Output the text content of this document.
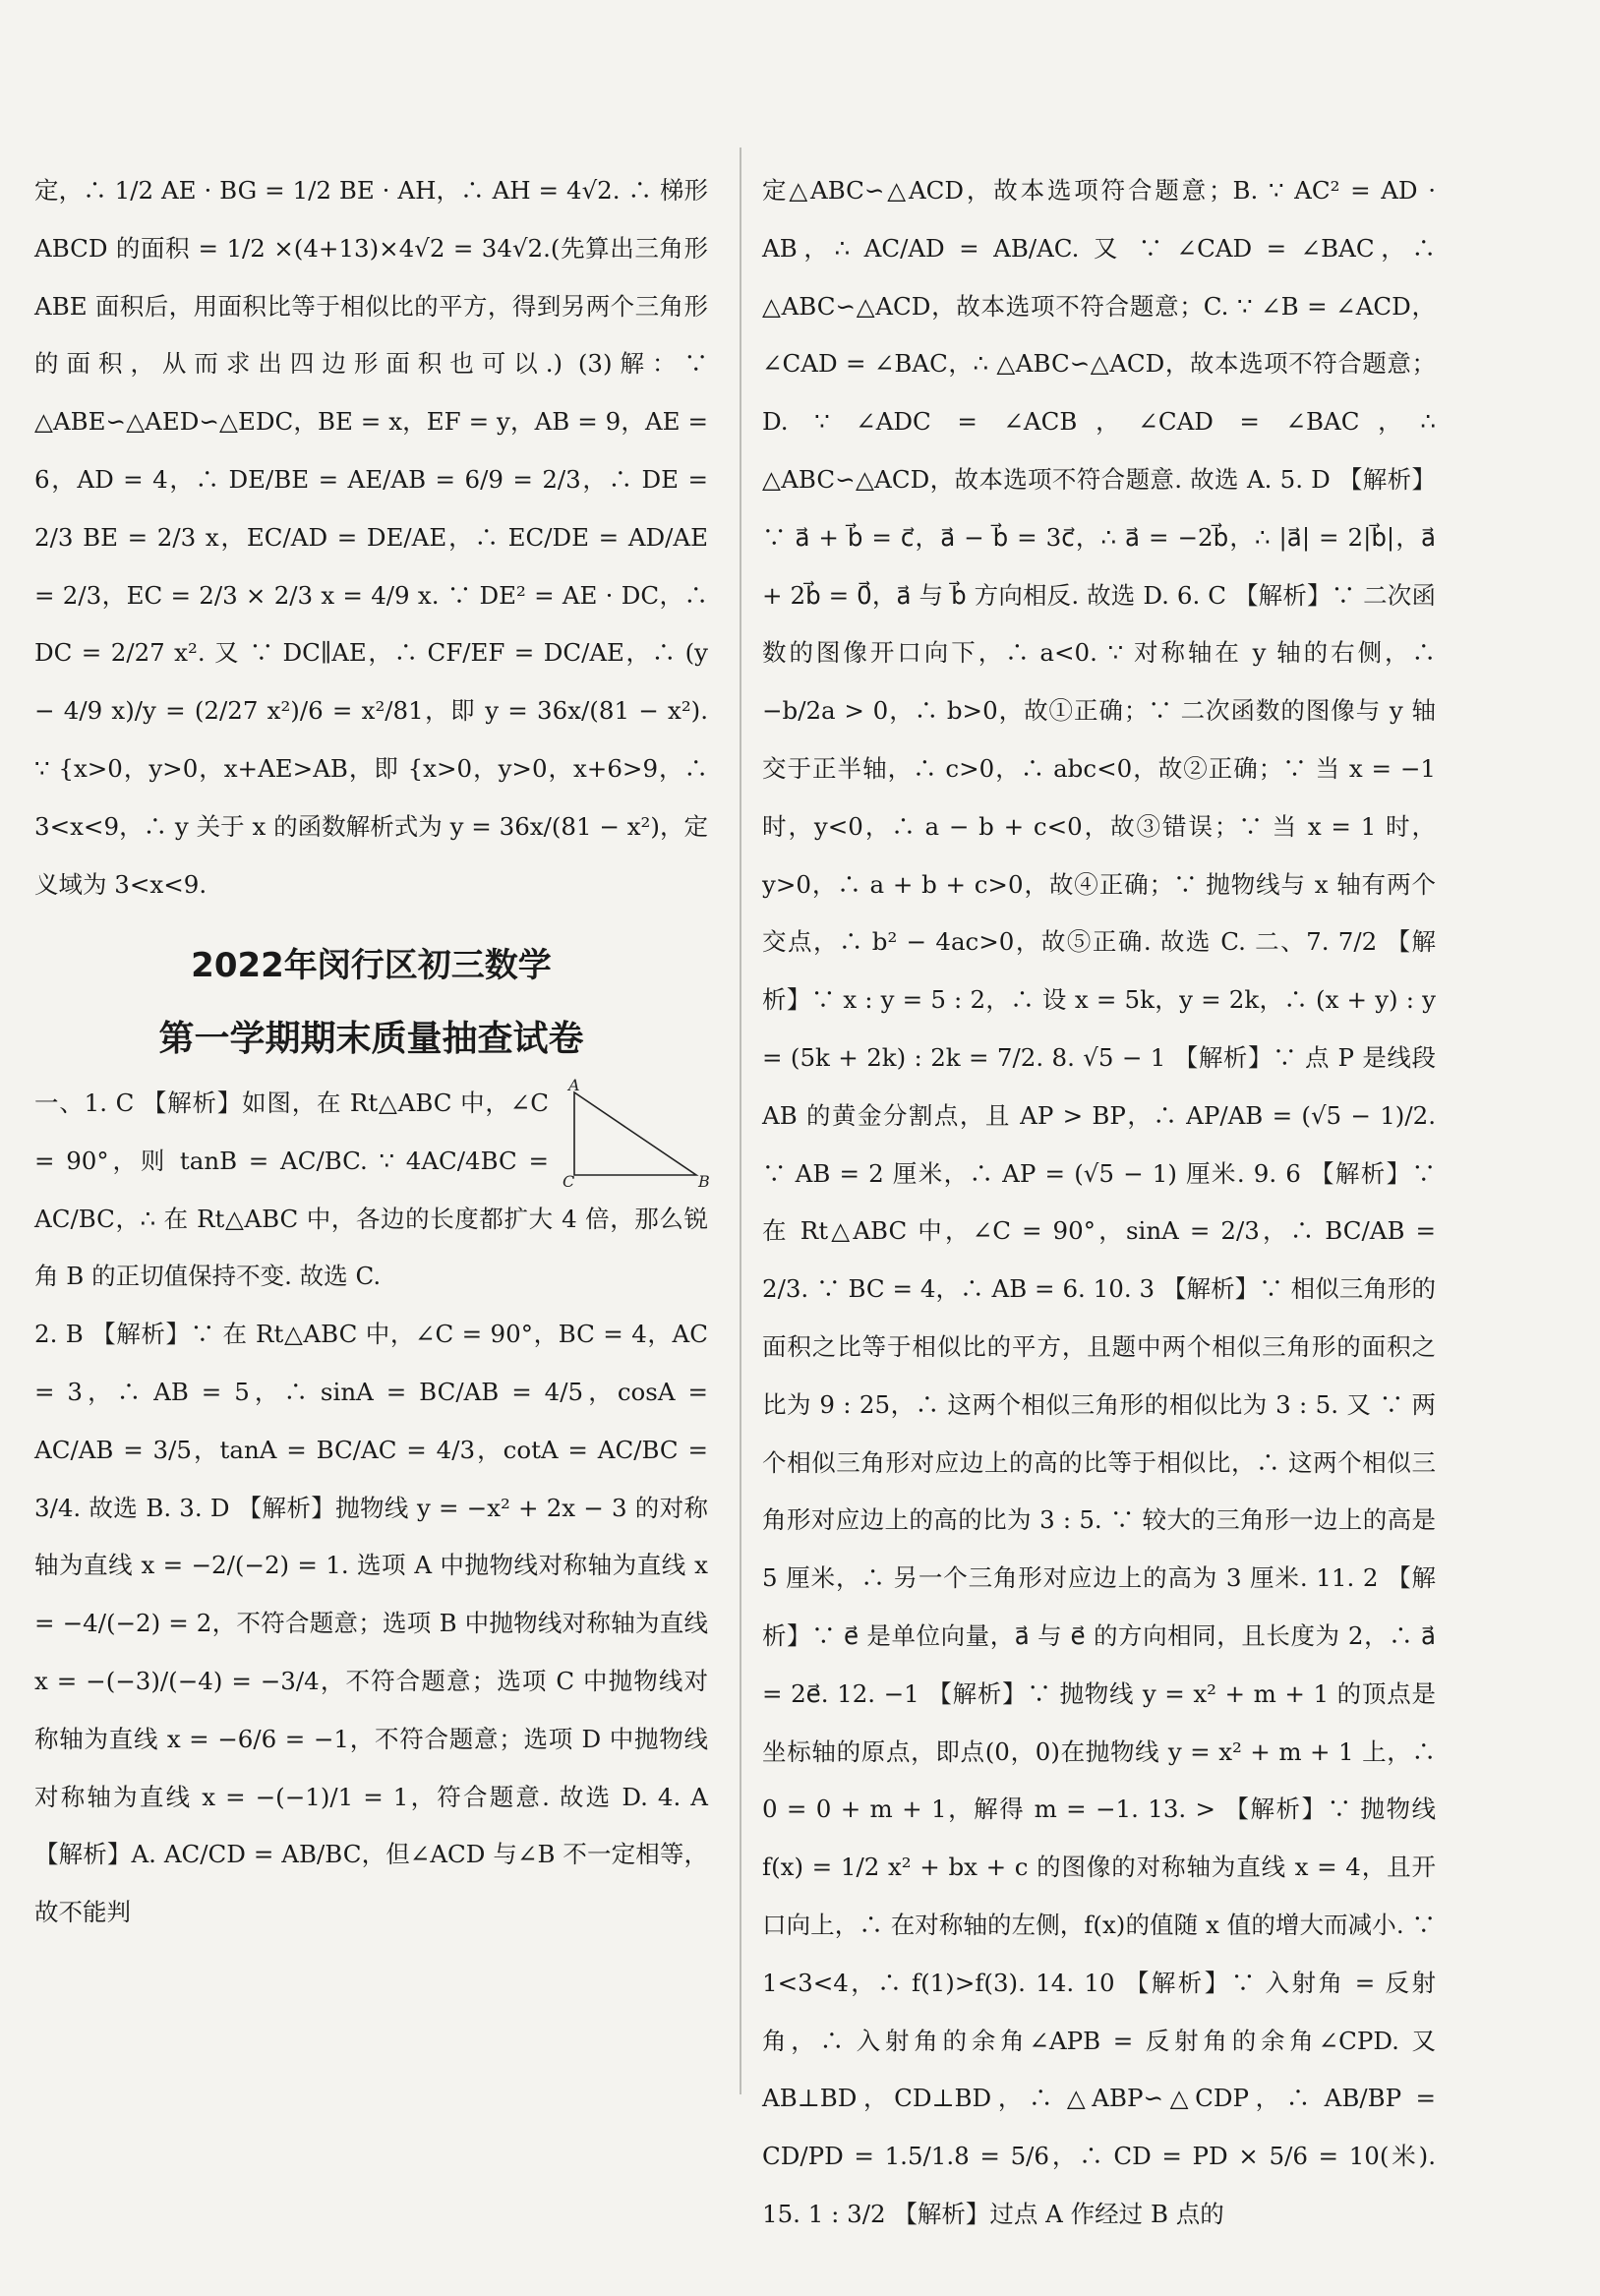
定，∴ 1/2 AE · BG = 1/2 BE · AH，∴ AH = 4√2. ∴ 梯形 ABCD 的面积 = 1/2 ×(4+13)×4√2 = 34√2.(先算出三角形 ABE 面积后，用面积比等于相似比的平方，得到另两个三角形的面积，从而求出四边形面积也可以.) (3)解：∵ △ABE∽△AED∽△EDC，BE = x，EF = y，AB = 9，AE = 6，AD = 4，∴ DE/BE = AE/AB = 6/9 = 2/3，∴ DE = 2/3 BE = 2/3 x，EC/AD = DE/AE，∴ EC/DE = AD/AE = 2/3，EC = 2/3 × 2/3 x = 4/9 x. ∵ DE² = AE · DC，∴ DC = 2/27 x². 又 ∵ DC∥AE，∴ CF/EF = DC/AE，∴ (y − 4/9 x)/y = (2/27 x²)/6 = x²/81，即 y = 36x/(81 − x²). ∵ {x>0，y>0，x+AE>AB，即 {x>0，y>0，x+6>9，∴ 3<x<9，∴ y 关于 x 的函数解析式为 y = 36x/(81 − x²)，定义域为 3<x<9.
2022年闵行区初三数学
第一学期期末质量抽查试卷
A
B
C
一、1. C 【解析】如图，在 Rt△ABC 中，∠C = 90°，则 tanB = AC/BC. ∵ 4AC/4BC = AC/BC，∴ 在 Rt△ABC 中，各边的长度都扩大 4 倍，那么锐角 B 的正切值保持不变. 故选 C.
2. B 【解析】∵ 在 Rt△ABC 中，∠C = 90°，BC = 4，AC = 3，∴ AB = 5，∴ sinA = BC/AB = 4/5，cosA = AC/AB = 3/5，tanA = BC/AC = 4/3，cotA = AC/BC = 3/4. 故选 B. 3. D 【解析】抛物线 y = −x² + 2x − 3 的对称轴为直线 x = −2/(−2) = 1. 选项 A 中抛物线对称轴为直线 x = −4/(−2) = 2，不符合题意；选项 B 中抛物线对称轴为直线 x = −(−3)/(−4) = −3/4，不符合题意；选项 C 中抛物线对称轴为直线 x = −6/6 = −1，不符合题意；选项 D 中抛物线对称轴为直线 x = −(−1)/1 = 1，符合题意. 故选 D. 4. A 【解析】A. AC/CD = AB/BC，但∠ACD 与∠B 不一定相等，故不能判
定△ABC∽△ACD，故本选项符合题意；B. ∵ AC² = AD · AB，∴ AC/AD = AB/AC. 又 ∵ ∠CAD = ∠BAC，∴ △ABC∽△ACD，故本选项不符合题意；C. ∵ ∠B = ∠ACD，∠CAD = ∠BAC，∴ △ABC∽△ACD，故本选项不符合题意；D. ∵ ∠ADC = ∠ACB，∠CAD = ∠BAC，∴ △ABC∽△ACD，故本选项不符合题意. 故选 A. 5. D 【解析】∵ a⃗ + b⃗ = c⃗，a⃗ − b⃗ = 3c⃗，∴ a⃗ = −2b⃗，∴ |a⃗| = 2|b⃗|，a⃗ + 2b⃗ = 0⃗，a⃗ 与 b⃗ 方向相反. 故选 D. 6. C 【解析】∵ 二次函数的图像开口向下，∴ a<0. ∵ 对称轴在 y 轴的右侧，∴ −b/2a > 0，∴ b>0，故①正确；∵ 二次函数的图像与 y 轴交于正半轴，∴ c>0，∴ abc<0，故②正确；∵ 当 x = −1 时，y<0，∴ a − b + c<0，故③错误；∵ 当 x = 1 时，y>0，∴ a + b + c>0，故④正确；∵ 抛物线与 x 轴有两个交点，∴ b² − 4ac>0，故⑤正确. 故选 C. 二、7. 7/2 【解析】∵ x : y = 5 : 2，∴ 设 x = 5k，y = 2k，∴ (x + y) : y = (5k + 2k) : 2k = 7/2. 8. √5 − 1 【解析】∵ 点 P 是线段 AB 的黄金分割点，且 AP > BP，∴ AP/AB = (√5 − 1)/2. ∵ AB = 2 厘米，∴ AP = (√5 − 1) 厘米. 9. 6 【解析】∵ 在 Rt△ABC 中，∠C = 90°，sinA = 2/3，∴ BC/AB = 2/3. ∵ BC = 4，∴ AB = 6. 10. 3 【解析】∵ 相似三角形的面积之比等于相似比的平方，且题中两个相似三角形的面积之比为 9 : 25，∴ 这两个相似三角形的相似比为 3 : 5. 又 ∵ 两个相似三角形对应边上的高的比等于相似比，∴ 这两个相似三角形对应边上的高的比为 3 : 5. ∵ 较大的三角形一边上的高是 5 厘米，∴ 另一个三角形对应边上的高为 3 厘米. 11. 2 【解析】∵ e⃗ 是单位向量，a⃗ 与 e⃗ 的方向相同，且长度为 2，∴ a⃗ = 2e⃗. 12. −1 【解析】∵ 抛物线 y = x² + m + 1 的顶点是坐标轴的原点，即点(0，0)在抛物线 y = x² + m + 1 上，∴ 0 = 0 + m + 1，解得 m = −1. 13. > 【解析】∵ 抛物线 f(x) = 1/2 x² + bx + c 的图像的对称轴为直线 x = 4，且开口向上，∴ 在对称轴的左侧，f(x)的值随 x 值的增大而减小. ∵ 1<3<4，∴ f(1)>f(3). 14. 10 【解析】∵ 入射角 = 反射角，∴ 入射角的余角∠APB = 反射角的余角∠CPD. 又 AB⊥BD，CD⊥BD，∴ △ABP∽△CDP，∴ AB/BP = CD/PD = 1.5/1.8 = 5/6，∴ CD = PD × 5/6 = 10(米). 15. 1 : 3/2 【解析】过点 A 作经过 B 点的
